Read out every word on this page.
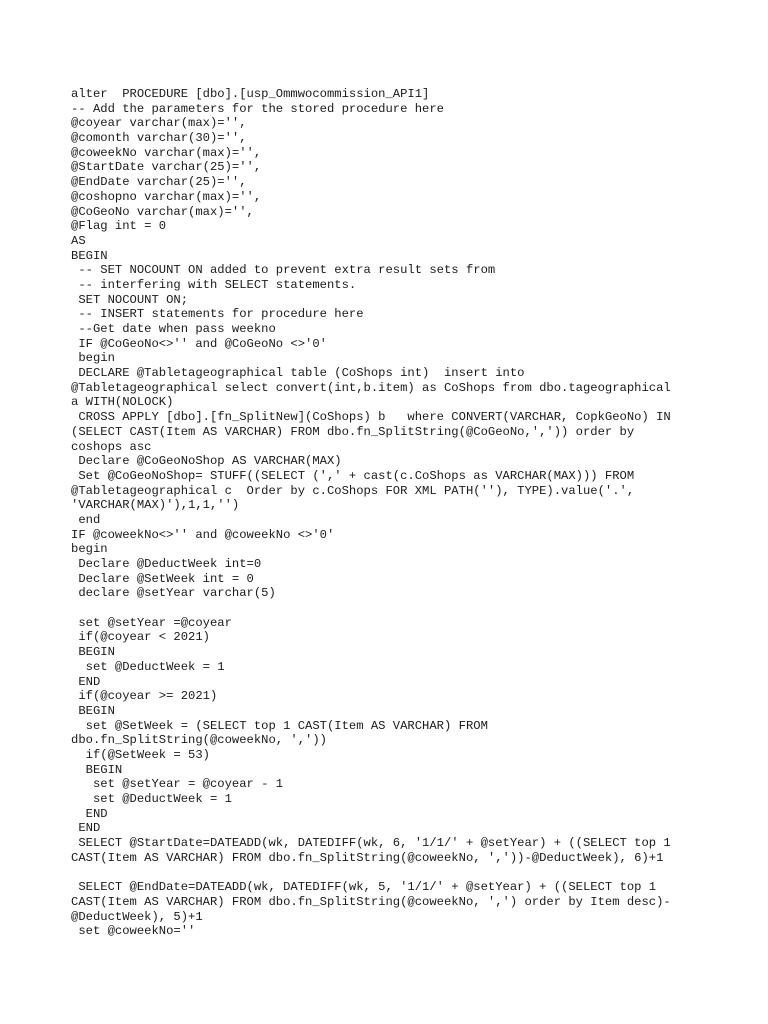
alter  PROCEDURE [dbo].[usp_Ommwocommission_API1]
-- Add the parameters for the stored procedure here
@coyear varchar(max)='',
@comonth varchar(30)='',
@coweekNo varchar(max)='',
@StartDate varchar(25)='',
@EndDate varchar(25)='',
@coshopno varchar(max)='',
@CoGeoNo varchar(max)='',
@Flag int = 0
AS
BEGIN
-- SET NOCOUNT ON added to prevent extra result sets from
-- interfering with SELECT statements.
SET NOCOUNT ON;
-- INSERT statements for procedure here
--Get date when pass weekno
IF @CoGeoNo<>'' and @CoGeoNo <>'0'
begin
DECLARE @Tabletageographical table (CoShops int)  insert into
@Tabletageographical select convert(int,b.item) as CoShops from dbo.tageographical
a WITH(NOLOCK)
CROSS APPLY [dbo].[fn_SplitNew](CoShops) b   where CONVERT(VARCHAR, CopkGeoNo) IN
(SELECT CAST(Item AS VARCHAR) FROM dbo.fn_SplitString(@CoGeoNo,',')) order by
coshops asc
Declare @CoGeoNoShop AS VARCHAR(MAX)
Set @CoGeoNoShop= STUFF((SELECT (',' + cast(c.CoShops as VARCHAR(MAX))) FROM
@Tabletageographical c  Order by c.CoShops FOR XML PATH(''), TYPE).value('.',
'VARCHAR(MAX)'),1,1,'')
end
IF @coweekNo<>'' and @coweekNo <>'0'
begin
Declare @DeductWeek int=0
Declare @SetWeek int = 0
declare @setYear varchar(5)
set @setYear =@coyear
if(@coyear < 2021)
BEGIN
set @DeductWeek = 1
END
if(@coyear >= 2021)
BEGIN
set @SetWeek = (SELECT top 1 CAST(Item AS VARCHAR) FROM
dbo.fn_SplitString(@coweekNo, ','))
if(@SetWeek = 53)
BEGIN
set @setYear = @coyear - 1
set @DeductWeek = 1
END
END
SELECT @StartDate=DATEADD(wk, DATEDIFF(wk, 6, '1/1/' + @setYear) + ((SELECT top 1
CAST(Item AS VARCHAR) FROM dbo.fn_SplitString(@coweekNo, ','))-@DeductWeek), 6)+1
SELECT @EndDate=DATEADD(wk, DATEDIFF(wk, 5, '1/1/' + @setYear) + ((SELECT top 1
CAST(Item AS VARCHAR) FROM dbo.fn_SplitString(@coweekNo, ',') order by Item desc)-
@DeductWeek), 5)+1
set @coweekNo=''
